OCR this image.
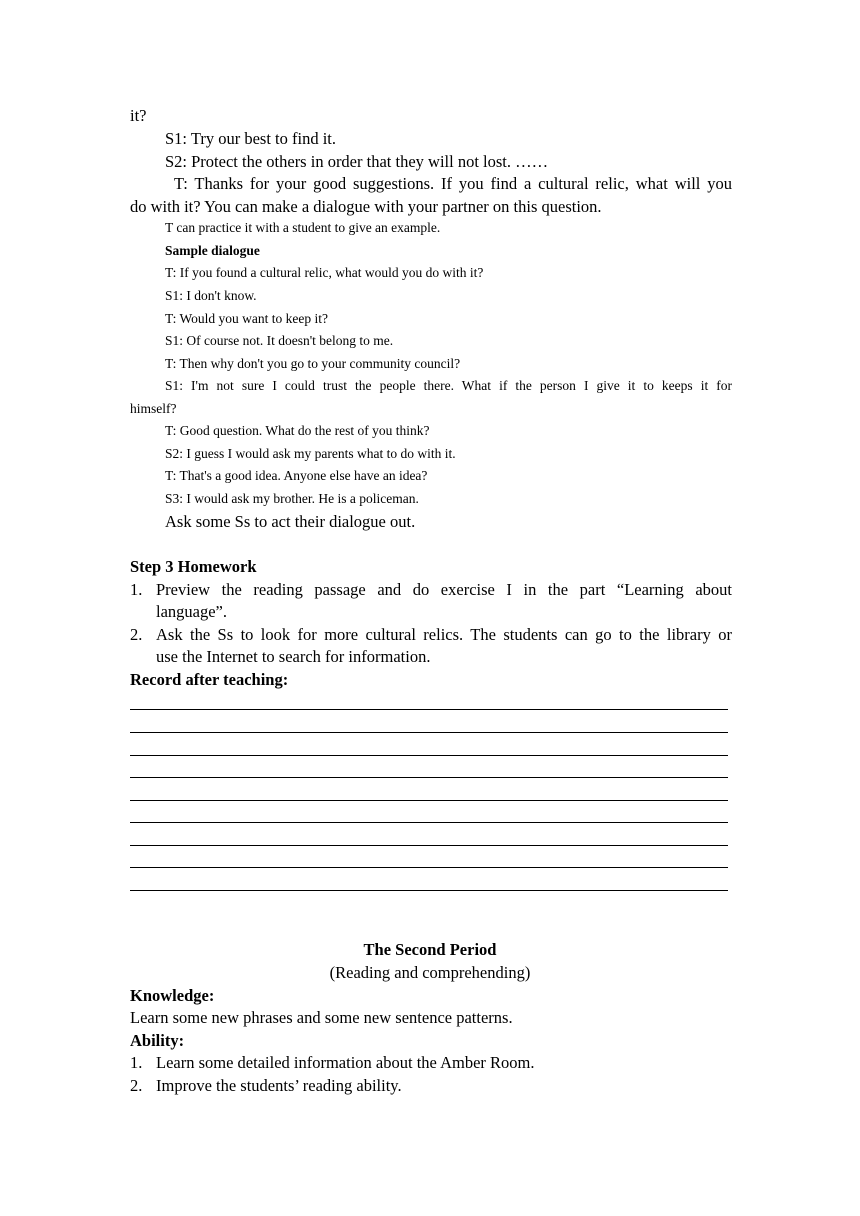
it?
S1: Try our best to find it.
S2: Protect the others in order that they will not lost. ……
T: Thanks for your good suggestions. If you find a cultural relic, what will you
do with it? You can make a dialogue with your partner on this question.
T can practice it with a student to give an example.
Sample dialogue
T: If you found a cultural relic, what would you do with it?
S1: I don't know.
T: Would you want to keep it?
S1: Of course not. It doesn't belong to me.
T: Then why don't you go to your community council?
S1: I'm not sure I could trust the people there. What if the person I give it to keeps it for
himself?
T: Good question. What do the rest of you think?
S2: I guess I would ask my parents what to do with it.
T: That's a good idea. Anyone else have an idea?
S3: I would ask my brother. He is a policeman.
Ask some Ss to act their dialogue out.
Step 3 Homework
1. Preview the reading passage and do exercise I in the part “Learning about
language”.
2. Ask the Ss to look for more cultural relics. The students can go to the library or
use the Internet to search for information.
Record after teaching:
The Second Period
(Reading and comprehending)
Knowledge:
Learn some new phrases and some new sentence patterns.
Ability:
1. Learn some detailed information about the Amber Room.
2. Improve the students’ reading ability.
